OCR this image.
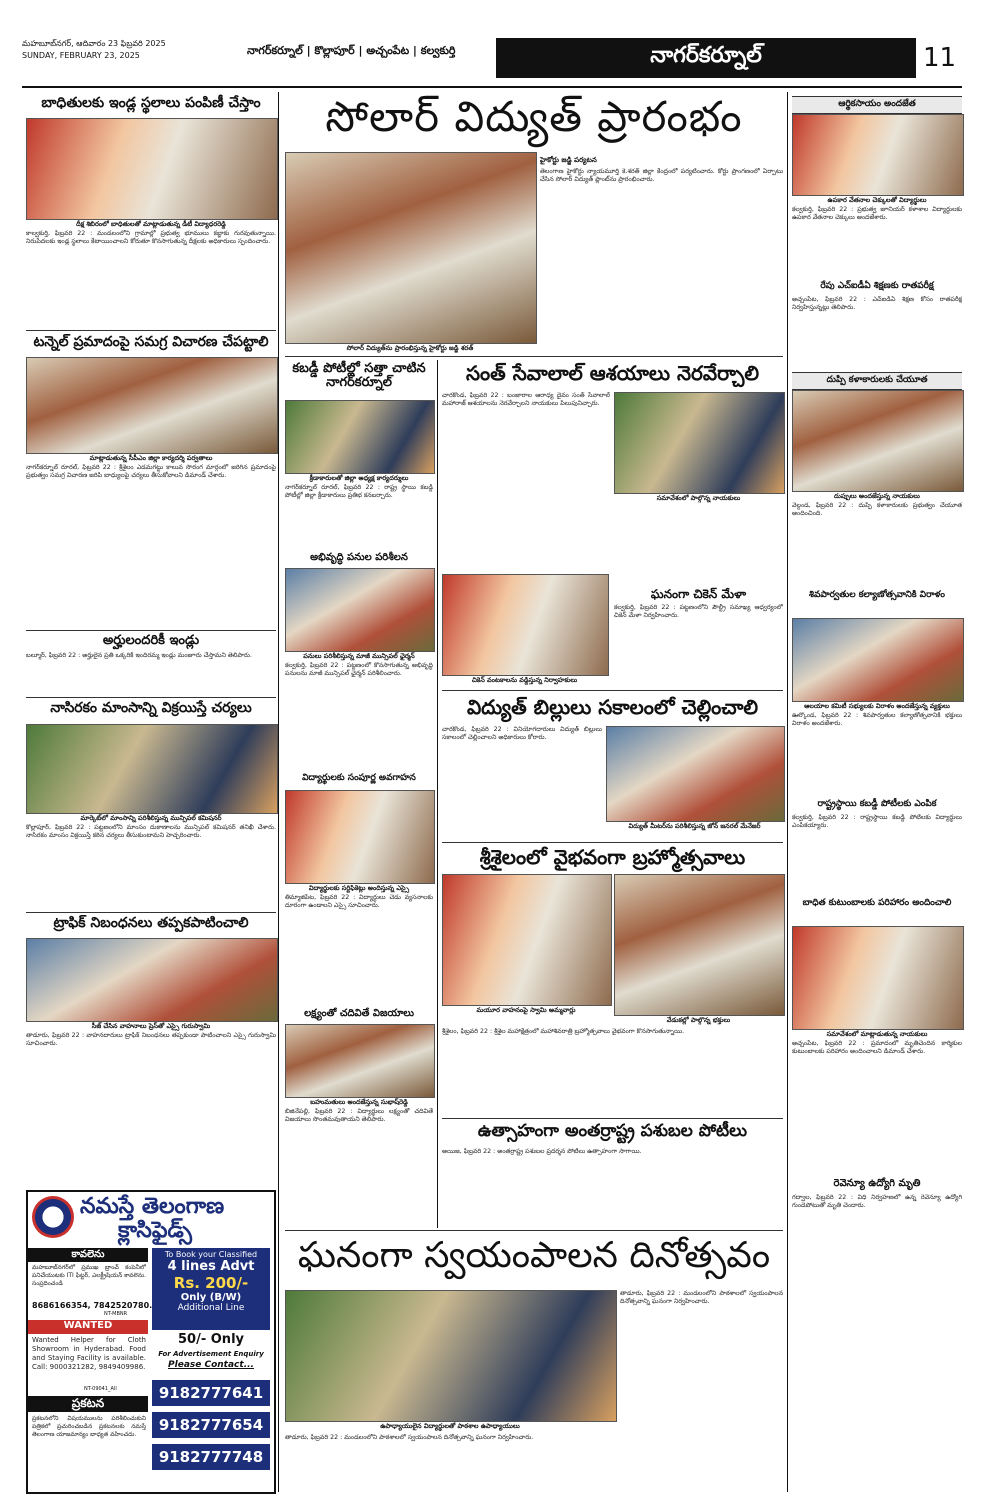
మహబూబ్‌నగర్, ఆదివారం 23 ఫిబ్రవరి 2025
SUNDAY, FEBRUARY 23, 2025	నాగర్‌కర్నూల్ | కొల్లాపూర్ | అచ్చంపేట | కల్వకుర్తి	నాగర్‌కర్నూల్	11
బాధితులకు ఇండ్ల స్థలాలు పంపిణీ చేస్తాం
దీక్ష శిబిరంలో బాధితులతో మాట్లాడుతున్న డీటీ విద్యాధరరెడ్డి
కాల్వకుర్తి, ఫిబ్రవరి 22 : మండలంలోని గ్రామాల్లో ప్రభుత్వ భూములు కబ్జాకు గురవుతున్నాయి. నిరుపేదలకు ఇండ్ల స్థలాలు కేటాయించాలని కోరుతూ కొనసాగుతున్న దీక్షలకు అధికారులు స్పందించారు.
టన్నెల్ ప్రమాదంపై సమగ్ర విచారణ చేపట్టాలి
మాట్లాడుతున్న సీపీఎం జిల్లా కార్యదర్శి పర్వతాలు
నాగర్‌కర్నూల్ రూరల్, ఫిబ్రవరి 22 : శ్రీశైలం ఎడమగట్టు కాలువ సొరంగ మార్గంలో జరిగిన ప్రమాదంపై ప్రభుత్వం సమగ్ర విచారణ జరిపి బాధ్యులపై చర్యలు తీసుకోవాలని డిమాండ్ చేశారు.
అర్హులందరికీ ఇండ్లు
బల్మూర్, ఫిబ్రవరి 22 : అర్హులైన ప్రతి ఒక్కరికీ ఇందిరమ్మ ఇండ్లు మంజూరు చేస్తామని తెలిపారు.
నాసిరకం మాంసాన్ని విక్రయిస్తే చర్యలు
మార్కెట్‌లో మాంసాన్ని పరిశీలిస్తున్న మున్సిపల్ కమిషనర్
కొల్లాపూర్, ఫిబ్రవరి 22 : పట్టణంలోని మాంసం దుకాణాలను మున్సిపల్ కమిషనర్ తనిఖీ చేశారు. నాసిరకం మాంసం విక్రయిస్తే కఠిన చర్యలు తీసుకుంటామని హెచ్చరించారు.
ట్రాఫిక్ నిబంధనలు తప్పకపాటించాలి
సీజ్ చేసిన వాహనాలు ప్రెస్‌తో ఎస్సై గురుస్వామి
తాడూరు, ఫిబ్రవరి 22 : వాహనదారులు ట్రాఫిక్ నిబంధనలు తప్పకుండా పాటించాలని ఎస్సై గురుస్వామి సూచించారు.
నమస్తే తెలంగాణ
క్లాసిఫైడ్స్
కావలెను
మహబూబ్‌నగర్‌లో ప్రముఖ బ్రాంచ్ కంపెనీలో పనిచేయుటకు ITI ఫిట్టర్, ఎలక్ట్రీషియన్ కావలెను. సంప్రదించండి
8686166354, 7842520780.
NT-MBNR
WANTED
Wanted Helper for Cloth Showroom in Hyderabad. Food and Staying Facility is available. Call: 9000321282, 9849409986.
NT-09041_All
ప్రకటన
ప్రకటనలోని విషయములను పరిశీలించుకుని పత్రికలో ప్రచురించబడిన ప్రకటనలకు నమస్తే తెలంగాణ యాజమాన్యం బాధ్యత వహించదు.
To Book your Classified
4 lines Advt
Rs. 200/-
Only (B/W)
Additional Line
50/- Only
For Advertisement Enquiry
Please Contact...
9182777641
9182777654
9182777748
సోలార్ విద్యుత్ ప్రారంభం
సోలార్ విద్యుత్‌ను ప్రారంభిస్తున్న హైకోర్టు జడ్జి శరత్
హైకోర్టు జడ్జి పర్యటన
తెలంగాణ హైకోర్టు న్యాయమూర్తి కె.శరత్ జిల్లా కేంద్రంలో పర్యటించారు. కోర్టు ప్రాంగణంలో ఏర్పాటు చేసిన సోలార్ విద్యుత్ ప్లాంట్‌ను ప్రారంభించారు.
కబడ్డీ పోటీల్లో సత్తా చాటిన నాగర్‌కర్నూల్
క్రీడాకారులతో జిల్లా అధ్యక్ష కార్యదర్శులు
నాగర్‌కర్నూల్ రూరల్, ఫిబ్రవరి 22 : రాష్ట్ర స్థాయి కబడ్డీ పోటీల్లో జిల్లా క్రీడాకారులు ప్రతిభ కనబర్చారు.
అభివృద్ధి పనుల పరిశీలన
పనులు పరిశీలిస్తున్న మాజీ మున్సిపల్ ఛైర్మన్
కల్వకుర్తి, ఫిబ్రవరి 22 : పట్టణంలో కొనసాగుతున్న అభివృద్ధి పనులను మాజీ మున్సిపల్ ఛైర్మన్ పరిశీలించారు.
విద్యార్థులకు సంపూర్ణ అవగాహన
విద్యార్థులకు సర్టిఫికెట్లు అందిస్తున్న ఎస్సై
తిమ్మాజిపేట, ఫిబ్రవరి 22 : విద్యార్థులు చెడు వ్యసనాలకు దూరంగా ఉండాలని ఎస్సై సూచించారు.
లక్ష్యంతో చదివితే విజయాలు
బహుమతులు అందజేస్తున్న సుభాష్‌రెడ్డి
బిజినేపల్లి, ఫిబ్రవరి 22 : విద్యార్థులు లక్ష్యంతో చదివితే విజయాలు సొంతమవుతాయని తెలిపారు.
సంత్ సేవాలాల్ ఆశయాలు నెరవేర్చాలి
చారకొండ, ఫిబ్రవరి 22 : బంజారాల ఆరాధ్య దైవం సంత్ సేవాలాల్ మహారాజ్ ఆశయాలను నెరవేర్చాలని నాయకులు పిలుపునిచ్చారు.
సమావేశంలో పాల్గొన్న నాయకులు
చికెన్ వంటకాలను వడ్డిస్తున్న నిర్వాహకులు
ఘనంగా చికెన్ మేళా
కల్వకుర్తి, ఫిబ్రవరి 22 : పట్టణంలోని పౌల్ట్రీ సమాఖ్య ఆధ్వర్యంలో చికెన్ మేళా నిర్వహించారు.
విద్యుత్ బిల్లులు సకాలంలో చెల్లించాలి
చారకొండ, ఫిబ్రవరి 22 : వినియోగదారులు విద్యుత్ బిల్లులు సకాలంలో చెల్లించాలని అధికారులు కోరారు.
విద్యుత్ మీటర్‌ను పరిశీలిస్తున్న జోన్ జనరల్ మేనేజర్
శ్రీశైలంలో వైభవంగా బ్రహ్మోత్సవాలు
మయూర వాహనంపై స్వామి అమ్మవార్లు
వేడుకల్లో పాల్గొన్న భక్తులు
శ్రీశైలం, ఫిబ్రవరి 22 : శ్రీశైల మహాక్షేత్రంలో మహాశివరాత్రి బ్రహ్మోత్సవాలు వైభవంగా కొనసాగుతున్నాయి.
ఉత్సాహంగా అంతర్రాష్ట్ర పశుబల పోటీలు
అయిజ, ఫిబ్రవరి 22 : అంతర్రాష్ట్ర పశుబల ప్రదర్శన పోటీలు ఉత్సాహంగా సాగాయి.
ఘనంగా స్వయంపాలన దినోత్సవం
ఉపాధ్యాయులైన విద్యార్థులతో పాఠశాల ఉపాధ్యాయులు
తాడూరు, ఫిబ్రవరి 22 : మండలంలోని పాఠశాలలో స్వయంపాలన దినోత్సవాన్ని ఘనంగా నిర్వహించారు.
తాడూరు, ఫిబ్రవరి 22 : మండలంలోని పాఠశాలలో స్వయంపాలన దినోత్సవాన్ని ఘనంగా నిర్వహించారు.
ఆర్థికసాయం అందజేత
ఉపకార వేతనాల చెక్కులతో విద్యార్థులు
కల్వకుర్తి, ఫిబ్రవరి 22 : ప్రభుత్వ జూనియర్ కళాశాల విద్యార్థులకు ఉపకార వేతనాల చెక్కులు అందజేశారు.
రేపు ఎచ్‌ఐడీఏ శిక్షణకు రాతపరీక్ష
అచ్చంపేట, ఫిబ్రవరి 22 : ఎచ్‌ఐడీఏ శిక్షణ కోసం రాతపరీక్ష నిర్వహిస్తున్నట్లు తెలిపారు.
దుప్పి కళాకారులకు చేయూత
దుప్పులు అందజేస్తున్న నాయకులు
వెల్దండ, ఫిబ్రవరి 22 : దుప్పి కళాకారులకు ప్రభుత్వం చేయూత అందించింది.
శివపార్వతుల కల్యాణోత్సవానికి విరాళం
ఆలయాల కమిటీ సభ్యులకు విరాళం అందజేస్తున్న వ్యక్తులు
ఊర్కొండ, ఫిబ్రవరి 22 : శివపార్వతుల కల్యాణోత్సవానికి భక్తులు విరాళం అందజేశారు.
రాష్ట్రస్థాయి కబడ్డీ పోటీలకు ఎంపిక
కల్వకుర్తి, ఫిబ్రవరి 22 : రాష్ట్రస్థాయి కబడ్డీ పోటీలకు విద్యార్థులు ఎంపికయ్యారు.
బాధిత కుటుంబాలకు పరిహారం అందించాలి
సమావేశంలో మాట్లాడుతున్న నాయకులు
అచ్చంపేట, ఫిబ్రవరి 22 : ప్రమాదంలో మృతిచెందిన కార్మికుల కుటుంబాలకు పరిహారం అందించాలని డిమాండ్ చేశారు.
రెవెన్యూ ఉద్యోగి మృతి
గద్వాల, ఫిబ్రవరి 22 : విధి నిర్వహణలో ఉన్న రెవెన్యూ ఉద్యోగి గుండెపోటుతో మృతి చెందారు.
